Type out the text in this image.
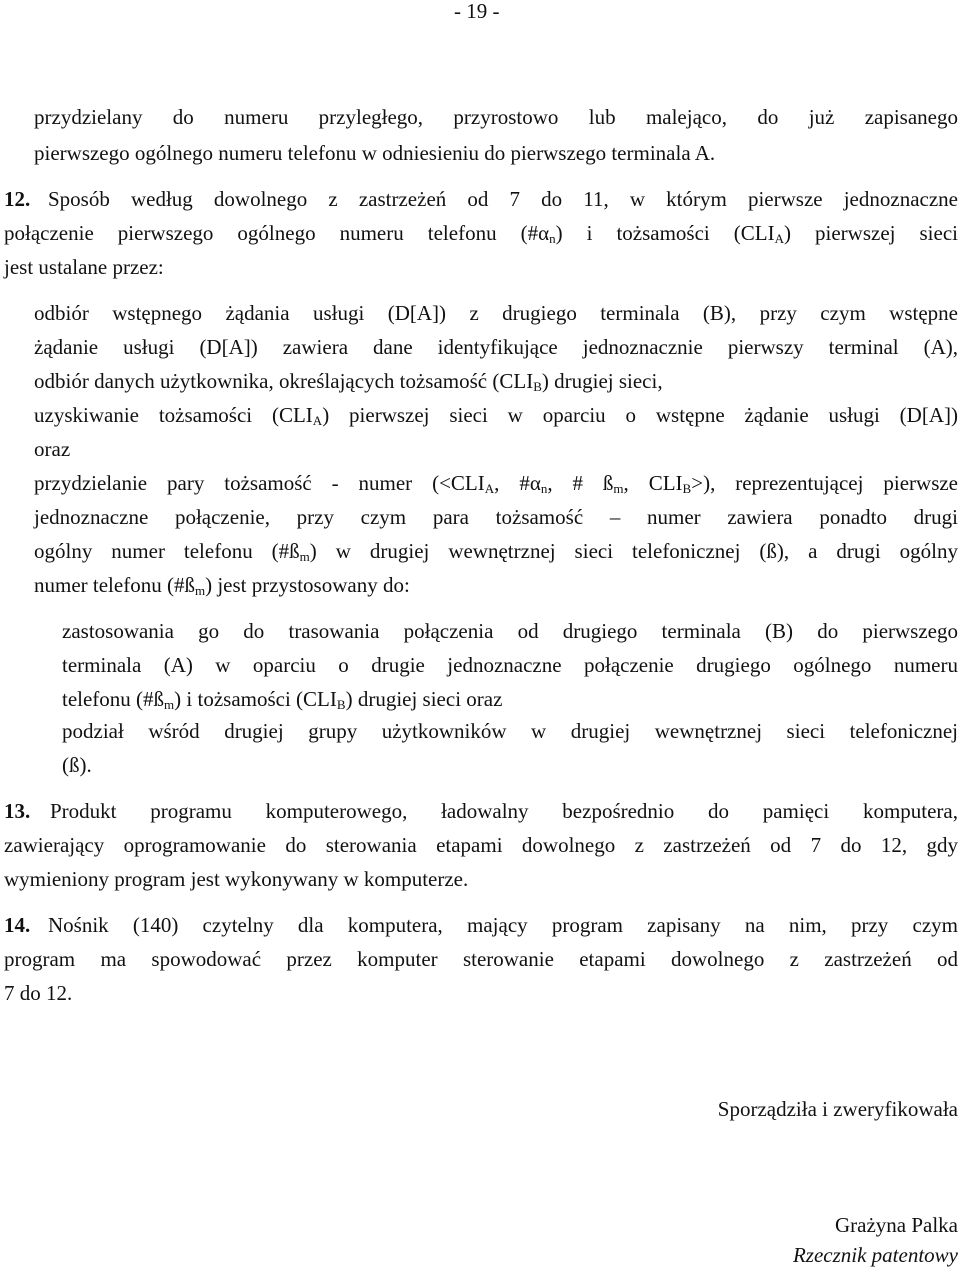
- 19 -
przydzielany do numeru przyległego, przyrostowo lub malejąco, do już zapisanego
pierwszego ogólnego numeru telefonu w odniesieniu do pierwszego terminala A.
12. Sposób według dowolnego z zastrzeżeń od 7 do 11, w którym pierwsze jednoznaczne
połączenie pierwszego ogólnego numeru telefonu $(\#\alpha_n)$ i tożsamości $(CLI_A)$ pierwszej sieci
jest ustalane przez:
odbiór wstępnego żądania usługi (D[A]) z drugiego terminala (B), przy czym wstępne
żądanie usługi (D[A]) zawiera dane identyfikujące jednoznacznie pierwszy terminal (A),
odbiór danych użytkownika, określających tożsamość $(CLI_B)$ drugiej sieci,
uzyskiwanie tożsamości $(CLI_A)$ pierwszej sieci w oparciu o wstępne żądanie usługi (D[A])
oraz
przydzielanie pary tożsamość - numer ($<CLI_A$, $\#\alpha_n$, # $ß_m$, $CLI_B>$), reprezentującej pierwsze
jednoznaczne połączenie, przy czym para tożsamość – numer zawiera ponadto drugi
ogólny numer telefonu $(\#ß_m)$ w drugiej wewnętrznej sieci telefonicznej (ß), a drugi ogólny
numer telefonu $(\#ß_m)$ jest przystosowany do:
zastosowania go do trasowania połączenia od drugiego terminala (B) do pierwszego
terminala (A) w oparciu o drugie jednoznaczne połączenie drugiego ogólnego numeru
telefonu $(\#ß_m)$ i tożsamości $(CLI_B)$ drugiej sieci oraz
podział wśród drugiej grupy użytkowników w drugiej wewnętrznej sieci telefonicznej
(ß).
13. Produkt programu komputerowego, ładowalny bezpośrednio do pamięci komputera,
zawierający oprogramowanie do sterowania etapami dowolnego z zastrzeżeń od 7 do 12, gdy
wymieniony program jest wykonywany w komputerze.
14. Nośnik (140) czytelny dla komputera, mający program zapisany na nim, przy czym
program ma spowodować przez komputer sterowanie etapami dowolnego z zastrzeżeń od
7 do 12.
Sporządziła i zweryfikowała
Grażyna Palka
Rzecznik patentowy
